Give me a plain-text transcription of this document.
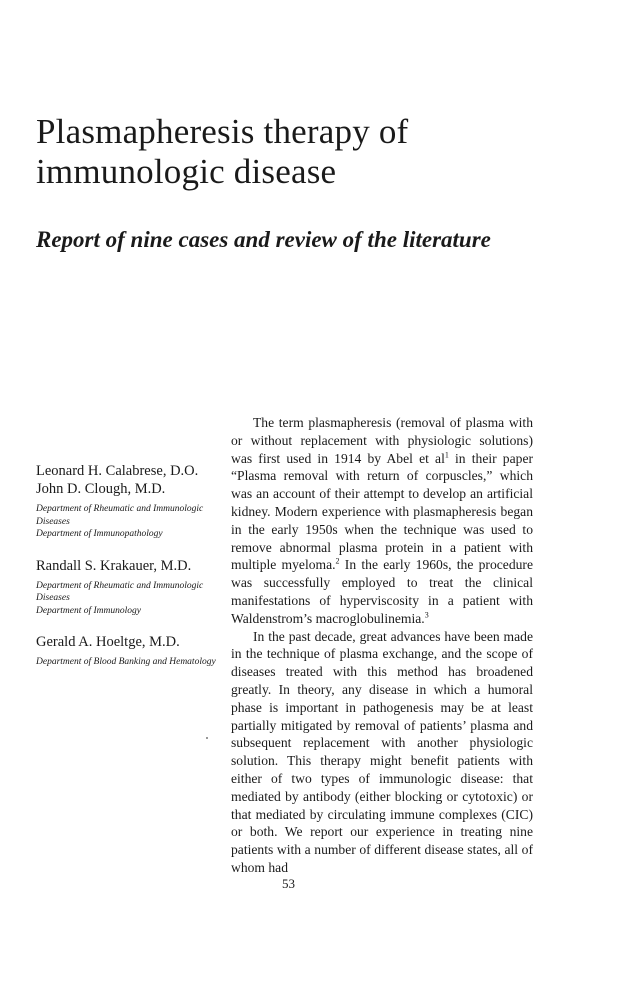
Plasmapheresis therapy of immunologic disease
Report of nine cases and review of the literature
Leonard H. Calabrese, D.O.
John D. Clough, M.D.
Department of Rheumatic and Immunologic Diseases
Department of Immunopathology
Randall S. Krakauer, M.D.
Department of Rheumatic and Immunologic Diseases
Department of Immunology
Gerald A. Hoeltge, M.D.
Department of Blood Banking and Hematology

The term plasmapheresis (removal of plasma with or without replacement with physiologic solutions) was first used in 1914 by Abel et $al^1$ in their paper “Plasma removal with return of corpuscles,” which was an account of their attempt to develop an artificial kidney. Modern experience with plasmapheresis began in the early 1950s when the technique was used to remove abnormal plasma protein in a patient with multiple myeloma.$^2$ In the early 1960s, the procedure was successfully employed to treat the clinical manifestations of hyperviscosity in a patient with Waldenstrom’s macroglobulinemia.$^3$

In the past decade, great advances have been made in the technique of plasma exchange, and the scope of diseases treated with this method has broadened greatly. In theory, any disease in which a humoral phase is important in pathogenesis may be at least partially mitigated by removal of patients’ plasma and subsequent replacement with another physiologic solution. This therapy might benefit patients with either of two types of immunologic disease: that mediated by antibody (either blocking or cytotoxic) or that mediated by circulating immune complexes (CIC) or both. We report our experience in treating nine patients with a number of different disease states, all of whom had

53
